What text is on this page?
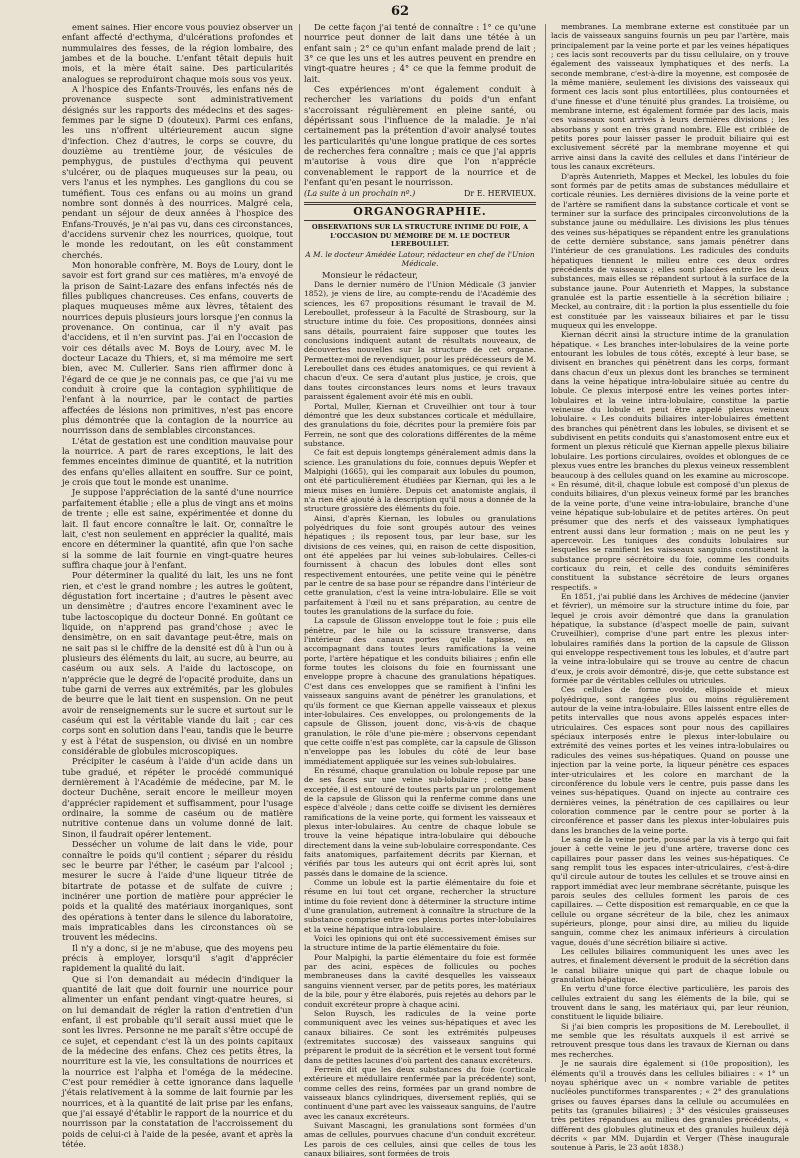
62

ement saines. Hier encore vous pouviez observer un enfant affecté d'ecthyma, d'ulcérations profondes et nummulaires des fesses, de la région lombaire, des jambes et de la bouche. L'enfant têtait depuis huit mois, et la mère était saine. Des particularités analogues se reproduiront chaque mois sous vos yeux.

A l'hospice des Enfants-Trouvés, les enfans nés de provenance suspecte sont administrativement désignés sur les rapports des médecins et des sages-femmes par le signe D (douteux). Parmi ces enfans, les uns n'offrent ultérieurement aucun signe d'infection. Chez d'autres, le corps se couvre, du douzième au trentième jour, de vésicules de pemphygus, de pustules d'ecthyma qui peuvent s'ulcérer, ou de plaques muqueuses sur la peau, ou vers l'anus et les nymphes. Les ganglions du cou se tuméfient. Tous ces enfans ou au moins un grand nombre sont donnés à des nourrices. Malgré cela, pendant un séjour de deux années à l'hospice des Enfans-Trouvés, je n'ai pas vu, dans ces circonstances, d'accidens survenir chez les nourrices, quoique, tout le monde les redoutant, on les eût constamment cherchés.

Mon honorable confrère, M. Boys de Loury, dont le savoir est fort grand sur ces matières, m'a envoyé de la prison de Saint-Lazare des enfans infectés nés de filles publiques chancreuses. Ces enfans, couverts de plaques muqueuses même aux lèvres, têtaient des nourrices depuis plusieurs jours lorsque j'en connus la provenance. On continua, car il n'y avait pas d'accidens, et il n'en survint pas. J'ai en l'occasion de voir ces détails avec M. Boys de Loury, avec M. le docteur Lacaze du Thiers, et, si ma mémoire me sert bien, avec M. Cullerier. Sans rien affirmer donc à l'égard de ce que je ne connais pas, ce que j'ai vu me conduit à croire que la contagion syphilitique de l'enfant à la nourrice, par le contact de parties affectées de lésions non primitives, n'est pas encore plus démontrée que la contagion de la nourrice au nourrisson dans de semblables circonstances.

L'état de gestation est une condition mauvaise pour la nourrice. A part de rares exceptions, le lait des femmes enceintes diminue de quantité, et la nutrition des enfans qu'elles allaitent en souffre. Sur ce point, je crois que tout le monde est unanime.

Je suppose l'appréciation de la santé d'une nourrice parfaitement établie ; elle a plus de vingt ans et moins de trente ; elle est saine, expérimentée et donne du lait. Il faut encore connaître le lait. Or, connaître le lait, c'est non seulement en apprécier la qualité, mais encore en déterminer la quantité, afin que l'on sache si la somme de lait fournie en vingt-quatre heures suffira chaque jour à l'enfant.

Pour déterminer la qualité du lait, les uns ne font rien, et c'est le grand nombre ; les autres le goûtent, dégustation fort incertaine ; d'autres le pèsent avec un densimètre ; d'autres encore l'examinent avec le tube lactoscopique du docteur Donné. En goûtant ce liquide, on n'apprend pas grand'chose ; avec le densimètre, on en sait davantage peut-être, mais on ne sait pas si le chiffre de la densité est dû à l'un ou à plusieurs des éléments du lait, au sucre, au beurre, au caséum ou aux sels. A l'aide du lactoscope, on n'apprécie que le degré de l'opacité produite, dans un tube garni de verres aux extrémités, par les globules de beurre que le lait tient en suspension. On ne peut avoir de renseignements sur le sucre et surtout sur le caséum qui est la véritable viande du lait ; car ces corps sont en solution dans l'eau, tandis que le beurre y est à l'état de suspension, ou divisé en un nombre considérable de globules microscopiques.

Précipiter le caséum à l'aide d'un acide dans un tube gradué, et répéter le procédé communiqué dernièrement à l'Académie de médecine, par M. le docteur Duchêne, serait encore le meilleur moyen d'apprécier rapidement et suffisamment, pour l'usage ordinaire, la somme de caséum ou de matière nutritive contenue dans un volume donné de lait. Sinon, il faudrait opérer lentement.

Dessécher un volume de lait dans le vide, pour connaître le poids qu'il contient ; séparer du résidu sec le beurre par l'éther, le caséum par l'alcool ; mesurer le sucre à l'aide d'une liqueur titrée de bitartrate de potasse et de sulfate de cuivre ; incinérer une portion de matière pour apprécier le poids et la qualité des matériaux inorganiques, sont des opérations à tenter dans le silence du laboratoire, mais impraticables dans les circonstances où se trouvent les médecins.

Il n'y a donc, si je ne m'abuse, que des moyens peu précis à employer, lorsqu'il s'agit d'apprécier rapidement la qualité du lait.

Que si l'on demandait au médecin d'indiquer la quantité de lait que doit fournir une nourrice pour alimenter un enfant pendant vingt-quatre heures, si on lui demandait de régler la ration d'entretien d'un enfant, il est probable qu'il serait aussi muet que le sont les livres. Personne ne me paraît s'être occupé de ce sujet, et cependant c'est là un des points capitaux de la médecine des enfans. Chez ces petits êtres, la nourriture est la vie, les consultations de nourrices et la nourrice est l'alpha et l'oméga de la médecine. C'est pour remédier à cette ignorance dans laquelle j'étais relativement à la somme de lait fournie par les nourrices, et à la quantité de lait prise par les enfans, que j'ai essayé d'établir le rapport de la nourrice et du nourrisson par la constatation de l'accroissement du poids de celui-ci à l'aide de la pesée, avant et après la tétée.

De cette façon j'ai tenté de connaître : 1° ce qu'une nourrice peut donner de lait dans une tétée à un enfant sain ; 2° ce qu'un enfant malade prend de lait ; 3° ce que les uns et les autres peuvent en prendre en vingt-quatre heures ; 4° ce que la femme produit de lait.

Ces expériences m'ont également conduit à rechercher les variations du poids d'un enfant s'accroissant régulièrement en pleine santé, ou dépérissant sous l'influence de la maladie. Je n'ai certainement pas la prétention d'avoir analysé toutes les particularités qu'une longue pratique de ces sortes de recherches fera connaître ; mais ce que j'ai appris m'autorise à vous dire que l'on n'apprécie convenablement le rapport de la nourrice et de l'enfant qu'en pesant le nourrisson.

(La suite à un prochain nº.)	Dr E. HERVIEUX.
ORGANOGRAPHIE.
OBSERVATIONS SUR LA STRUCTURE INTIME DU FOIE, A L'OCCASION DU MÉMOIRE DE M. LE DOCTEUR LEREBOULLET.
A M. le docteur Amédée Latour, rédacteur en chef de l'Union Médicale.

Monsieur le rédacteur,

Dans le dernier numéro de l'Union Médicale (3 janvier 1852), je viens de lire, au compte-rendu de l'Académie des sciences, les 67 propositions résumant le travail de M. Lereboullet, professeur à la Faculté de Strasbourg, sur la structure intime du foie. Ces propositions, données ainsi sans détails, pourraient faire supposer que toutes les conclusions indiquent autant de résultats nouveaux, de découvertes nouvelles sur la structure de cet organe. Permettez-moi de revendiquer, pour les prédécesseurs de M. Lereboullet dans ces études anatomiques, ce qui revient à chacun d'eux. Ce sera d'autant plus justice, je crois, que dans toutes circonstances leurs noms et leurs travaux paraissent également avoir été mis en oubli.

Portal, Muller, Kiernan et Cruveilhier ont tour à tour démontré que les deux substances corticale et médullaire, des granulations du foie, décrites pour la première fois par Ferrein, ne sont que des colorations différentes de la même substance.

Ce fait est depuis longtemps généralement admis dans la science. Les granulations du foie, connues depuis Wepfer et Malpighi (1665), qui les comparait aux lobules du poumon, ont été particulièrement étudiées par Kiernan, qui les a le mieux mises en lumière. Depuis cet anatomiste anglais, il n'a rien été ajouté à la description qu'il nous a donnée de la structure grossière des éléments du foie.

Ainsi, d'après Kiernan, les lobules ou granulations polyédriques du foie sont groupés autour des veines hépatiques ; ils reposent tous, par leur base, sur les divisions de ces veines, qui, en raison de cette disposition, ont été appelées par lui veines sub-lobulaires. Celles-ci fournissent à chacun des lobules dont elles sont respectivement entourées, une petite veine qui le pénètre par le centre de sa base pour se répandre dans l'intérieur de cette granulation, c'est la veine intra-lobulaire. Elle se voit parfaitement à l'œil nu et sans préparation, au centre de toutes les granulations de la surface du foie.

La capsule de Glisson enveloppe tout le foie ; puis elle pénètre, par le hile ou la scissure transverse, dans l'intérieur des canaux portes qu'elle tapisse, en accompagnant dans toutes leurs ramifications la veine porte, l'artère hépatique et les conduits biliaires ; enfin elle forme toutes les cloisons du foie en fournissant une enveloppe propre à chacune des granulations hépatiques. C'est dans ces enveloppes que se ramifient à l'infini les vaisseaux sanguins avant de pénétrer les granulations, et qu'ils forment ce que Kiernan appelle vaisseaux et plexus inter-lobulaires. Ces enveloppes, ou prolongements de la capsule de Glisson, jouent donc, vis-à-vis de chaque granulation, le rôle d'une pie-mère ; observons cependant que cette coiffe n'est pas complète, car la capsule de Glisson n'enveloppe pas les lobules du côté de leur base immédiatement appliquée sur les veines sub-lobulaires.

En résumé, chaque granulation ou lobule repose par une de ses faces sur une veine sub-lobulaire ; cette base exceptée, il est entouré de toutes parts par un prolongement de la capsule de Glisson qui la renferme comme dans une espèce d'alvéole ; dans cette coiffe se divisent les dernières ramifications de la veine porte, qui forment les vaisseaux et plexus inter-lobulaires. Au centre de chaque lobule se trouve la veine hépatique intra-lobulaire qui débouche directement dans la veine sub-lobulaire correspondante. Ces faits anatomiques, parfaitement décrits par Kiernan, et vérifiés par tous les auteurs qui ont écrit après lui, sont passés dans le domaine de la science.

Comme un lobule est la partie élémentaire du foie et résume en lui tout cet organe, rechercher la structure intime du foie revient donc à déterminer la structure intime d'une granulation, autrement à connaître la structure de la substance comprise entre ces plexus portes inter-lobulaires et la veine hépatique intra-lobulaire.

Voici les opinions qui ont été successivement émises sur la structure intime de la partie élémentaire du foie.

Pour Malpighi, la partie élémentaire du foie est formée par des acini, espèces de follicules ou poches membraneuses dans la cavité desquelles les vaisseaux sanguins viennent verser, par de petits pores, les matériaux de la bile, pour y être élaborés, puis rejetés au dehors par le conduit excréteur propre à chaque acini.

Selon Ruysch, les radicules de la veine porte communiquent avec les veines sus-hépatiques et avec les canaux biliaires. Ce sont les extrémités pulpeuses (extremitates succosæ) des vaisseaux sanguins qui préparent le produit de la sécrétion et le versent tout formé dans de petites lacunes d'où partent des canaux excréteurs.

Ferrein dit que les deux substances du foie (corticale extérieure et médullaire renfermée par la précédente) sont, comme celles des reins, formées par un grand nombre de vaisseaux blancs cylindriques, diversement repliés, qui se continuent d'une part avec les vaisseaux sanguins, de l'autre avec les canaux excréteurs.

Suivant Mascagni, les granulations sont formées d'un amas de cellules, pourvues chacune d'un conduit excréteur. Les parois de ces cellules, ainsi que celles de tous les canaux biliaires, sont formées de trois

membranes. La membrane externe est constituée par un lacis de vaisseaux sanguins fournis un peu par l'artère, mais principalement par la veine porte et par les veines hépatiques ; ces lacis sont recouverts par du tissu cellulaire, on y trouve également des vaisseaux lymphatiques et des nerfs. La seconde membrane, c'est-à-dire la moyenne, est composée de la même manière, seulement les divisions des vaisseaux qui forment ces lacis sont plus entortillées, plus contournées et d'une finesse et d'une ténuité plus grandes. La troisième, ou membrane interne, est également formée par des lacis, mais ces vaisseaux sont arrivés à leurs dernières divisions ; les absorbans y sont en très grand nombre. Elle est criblée de petits pores pour laisser passer le produit biliaire qui est exclusivement sécrété par la membrane moyenne et qui arrive ainsi dans la cavité des cellules et dans l'intérieur de tous les canaux excréteurs.

D'après Autenrieth, Mappes et Meckel, les lobules du foie sont formés par de petits amas de substances médullaire et corticale réunies. Les dernières divisions de la veine porte et de l'artère se ramifient dans la substance corticale et vont se terminer sur la surface des principales circonvolutions de la substance jaune ou médullaire. Les divisions les plus ténues des veines sus-hépatiques se répandent entre les granulations de cette dernière substance, sans jamais pénétrer dans l'intérieur de ces granulations. Les radicules des conduits hépatiques tiennent le milieu entre ces deux ordres précédents de vaisseaux ; elles sont placées entre les deux substances, mais elles se répandent surtout à la surface de la substance jaune. Pour Autenrieth et Mappes, la substance granulée est la partie essentielle à la sécrétion biliaire ; Meckel, au contraire, dit : la portion la plus essentielle du foie est constituée par les vaisseaux biliaires et par le tissu muqueux qui les enveloppe.

Kiernan décrit ainsi la structure intime de la granulation hépatique. « Les branches inter-lobulaires de la veine porte entourant les lobules de tous côtés, excepté à leur base, se divisent en branches qui pénètrent dans les corps, formant dans chacun d'eux un plexus dont les branches se terminent dans la veine hépatique intra-lobulaire située au centre du lobule. Ce plexus interposé entre les veines portes inter-lobulaires et la veine intra-lobulaire, constitue la partie veineuse du lobule et peut être appelé plexus veineux lobulaire. « Les conduits biliaires inter-lobulaires émettent des branches qui pénètrent dans les lobules, se divisent et se subdivisent en petits conduits qui s'anastomosent entre eux et forment un plexus réticulé que Kiernan appelle plexus biliaire lobulaire. Les portions circulaires, ovoïdes et oblongues de ce plexus vues entre les branches du plexus veineux ressemblent beaucoup à des cellules quand on les examine au microscope. « En résumé, dit-il, chaque lobule est composé d'un plexus de conduits biliaires, d'un plexus veineux formé par les branches de la veine porte, d'une veine intra-lobulaire, branche d'une veine hépatique sub-lobulaire et de petites artères. On peut présumer que des nerfs et des vaisseaux lymphatiques entrent aussi dans leur formation ; mais on ne peut les y apercevoir. Les tuniques des conduits lobulaires sur lesquelles se ramifient les vaisseaux sanguins constituent la substance propre sécrétoire du foie, comme les conduits corticaux du rein, et celle des conduits séminifères constituent la substance sécrétoire de leurs organes respectifs. »

En 1851, j'ai publié dans les Archives de médecine (janvier et février), un mémoire sur la structure intime du foie, par lequel je crois avoir démontré que dans la granulation hépatique, la substance (d'aspect moelle de pain, suivant Cruveilhier), comprise d'une part entre les plexus inter-lobulaires ramifiés dans la portion de la capsule de Glisson qui enveloppe respectivement tous les lobules, et d'autre part la veine intra-lobulaire qui se trouve au centre de chacun d'eux, je crois avoir démontré, dis-je, que cette substance est formée par de véritables cellules ou utricules.

Ces cellules de forme ovoïde, ellipsoïde et mieux polyédrique, sont rangées plus ou moins régulièrement autour de la veine intra-lobulaire. Elles laissent entre elles de petits intervalles que nous avons appelés espaces inter-utriculaires. Ces espaces sont pour nous des capillaires spéciaux interposés entre le plexus inter-lobulaire ou extrémité des veines portes et les veines intra-lobulaires ou radicules des veines sus-hépatiques. Quand on pousse une injection par la veine porte, la liqueur pénètre ces espaces inter-utriculaires et les colore en marchant de la circonférence du lobule vers le centre, puis passe dans les veines sus-hépatiques. Quand on injecte au contraire ces dernières veines, la pénétration de ces capillaires ou leur coloration commence par le centre pour se porter à la circonférence et passer dans les plexus inter-lobulaires puis dans les branches de la veine porte.

Le sang de la veine porte, poussé par la vis à tergo qui fait jouer à cette veine le jeu d'une artère, traverse donc ces capillaires pour passer dans les veines sus-hépatiques. Ce sang remplit tous les espaces inter-utriculaires, c'est-à-dire qu'il circule autour de toutes les cellules et se trouve ainsi en rapport immédiat avec leur membrane sécrétante, puisque les parois seules des cellules forment les parois de ces capillaires. — Cette disposition est remarquable, en ce que la cellule ou organe sécréteur de la bile, chez les animaux supérieurs, plonge, pour ainsi dire, au milieu du liquide sanguin, comme chez les animaux inférieurs à circulation vague, doués d'une sécrétion biliaire si active.

Les cellules biliaires communiquent les unes avec les autres, et finalement déversent le produit de la sécrétion dans le canal biliaire unique qui part de chaque lobule ou granulation hépatique.

En vertu d'une force élective particulière, les parois des cellules extraient du sang les éléments de la bile, qui se trouvent dans le sang, les matériaux qui, par leur réunion, constituent le liquide biliaire.

Si j'ai bien compris les propositions de M. Lereboullet, il me semble que les résultats auxquels il est arrivé se retrouvent presque tous dans les travaux de Kiernan ou dans mes recherches.

Je ne saurais dire également si (10e proposition), les éléments qu'il a trouvés dans les cellules biliaires : « 1° un noyau sphérique avec un « nombre variable de petites nucléoles punctiformes transparentes ; « 2° des granulations grises ou fauves éparses dans la cellule ou accumulées en petits tas (granules biliaires) ; 3° des vésicules graisseuses très petites répandues au milieu des granules précédents, « diffèrent des globules glutineux et des granules huileux déjà décrits « par MM. Dujardin et Verger (Thèse inaugurale soutenue à Paris, le 23 août 1838.)
